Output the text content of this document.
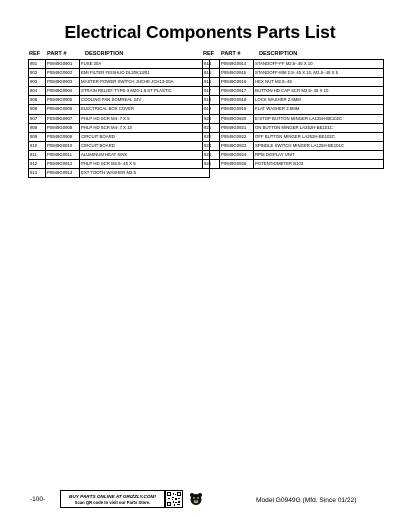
Electrical Components Parts List
REF PART #	DESCRIPTION
901	P0949G0901	FUSE 20A
902	P0949G0902	EMI FILTER FEISHUO DL20K13/01
903	P0949G0903	MASTER POWER SWITCH JUCHE JCH13-20A
904	P0949G0904	STRAIN RELIEF TYPE-3 M20-1.5 ST PLASTIC
905	P0949G0905	COOLING FAN SOMREAL 24V
906	P0949G0906	ELECTRICAL BOX COVER
907	P0949G0907	PHLP HD SCR M4-.7 X 5
908	P0949G0908	PHLP HD SCR M4-.7 X 10
909	P0949G0909	CIRCUIT BOARD
910	P0949G0910	CIRCUIT BOARD
911	P0949G0911	ALUMINUM HEAT SINK
912	P0949G0912	PHLP HD SCR M2.5-.45 X 5
913	P0949G0913	EXT TOOTH WASHER M2.5
REF PART #	DESCRIPTION
914	P0949G0914	STANDOFF-FF M2.5-.45 X 10
915	P0949G0915	STANDOFF-MM 2.5-.45 X 10, M2.5-.45 X 5
916	P0949G0916	HEX NUT M2.5-.45
917	P0949G0917	BUTTON HD CAP SCR M2.5-.45 X 10
918	P0949G0918	LOCK WASHER 2.5MM
919	P0949G0919	FLAT WASHER 2.5MM
920	P0949G0920	E-STOP BUTTON MINGER LA125H-BE102C
921	P0949G0921	ON BUTTON MINGER LA252H-BE101C
922	P0949G0922	OFF BUTTON MINGER LA252H-BE102C
923	P0949G0923	SPINDLE SWITCH MINGER LA125H-BE101C
924	P0949G0924	RPM DISPLAY UNIT
925	P0949G0925	POTENTIOMETER B103
-100-	BUY PARTS ONLINE AT GRIZZLY.COM!
Scan QR code to visit our Parts Store.	Model G0949G (Mfd. Since 01/22)
